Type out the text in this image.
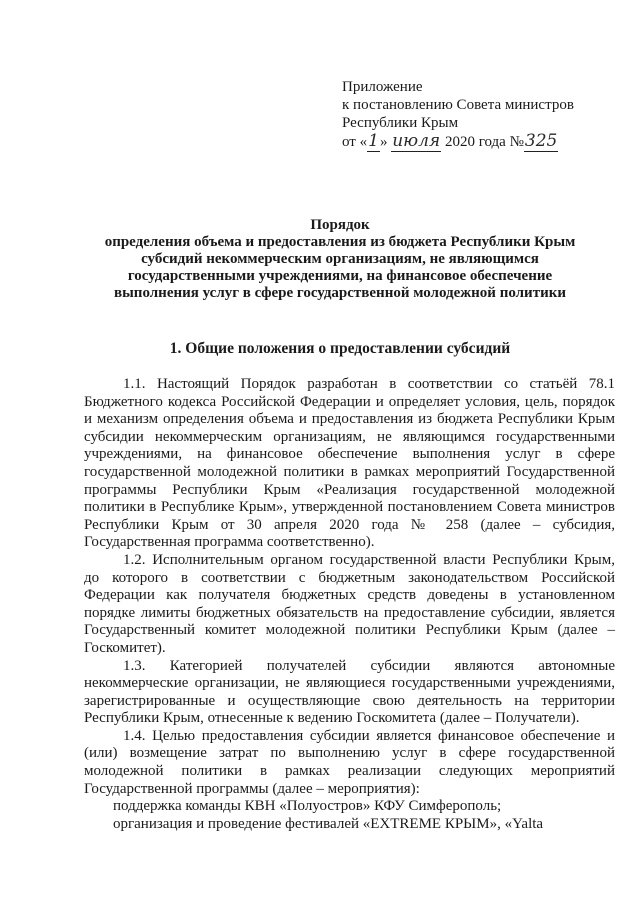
Приложение
к постановлению Совета министров
Республики Крым
от «1» июля 2020 года №325
Порядок
определения объема и предоставления из бюджета Республики Крым
субсидий некоммерческим организациям, не являющимся
государственными учреждениями, на финансовое обеспечение
выполнения услуг в сфере государственной молодежной политики
1. Общие положения о предоставлении субсидий

1.1. Настоящий Порядок разработан в соответствии со статьёй 78.1 Бюджетного кодекса Российской Федерации и определяет условия, цель, порядок и механизм определения объема и предоставления из бюджета Республики Крым субсидии некоммерческим организациям, не являющимся государственными учреждениями, на финансовое обеспечение выполнения услуг в сфере государственной молодежной политики в рамках мероприятий Государственной программы Республики Крым «Реализация государственной молодежной политики в Республике Крым», утвержденной постановлением Совета министров Республики Крым от 30 апреля 2020 года № 258 (далее – субсидия, Государственная программа соответственно).

1.2. Исполнительным органом государственной власти Республики Крым, до которого в соответствии с бюджетным законодательством Российской Федерации как получателя бюджетных средств доведены в установленном порядке лимиты бюджетных обязательств на предоставление субсидии, является Государственный комитет молодежной политики Республики Крым (далее – Госкомитет).

1.3. Категорией получателей субсидии являются автономные некоммерческие организации, не являющиеся государственными учреждениями, зарегистрированные и осуществляющие свою деятельность на территории Республики Крым, отнесенные к ведению Госкомитета (далее – Получатели).

1.4. Целью предоставления субсидии является финансовое обеспечение и (или) возмещение затрат по выполнению услуг в сфере государственной молодежной политики в рамках реализации следующих мероприятий Государственной программы (далее – мероприятия):

поддержка команды КВН «Полуостров» КФУ Симферополь;

организация и проведение фестивалей «EXTREME КРЫМ», «Yalta
